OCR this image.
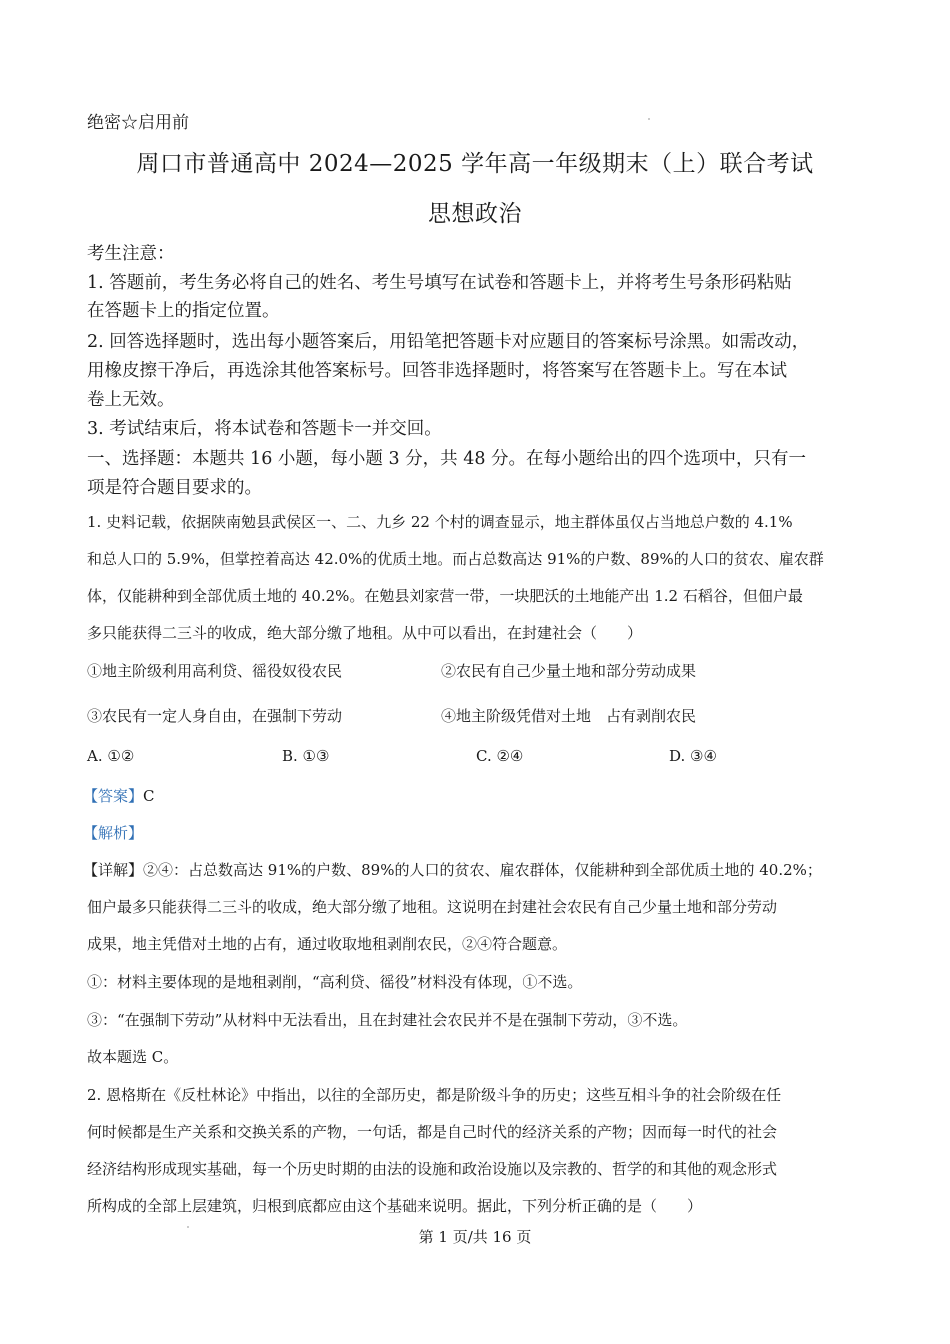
绝密☆启用前
周口市普通高中 2024—2025 学年高一年级期末（上）联合考试
思想政治
考生注意：
1. 答题前，考生务必将自己的姓名、考生号填写在试卷和答题卡上，并将考生号条形码粘贴
在答题卡上的指定位置。
2. 回答选择题时，选出每小题答案后，用铅笔把答题卡对应题目的答案标号涂黑。如需改动，
用橡皮擦干净后，再选涂其他答案标号。回答非选择题时，将答案写在答题卡上。写在本试
卷上无效。
3. 考试结束后，将本试卷和答题卡一并交回。
一、选择题：本题共 16 小题，每小题 3 分，共 48 分。在每小题给出的四个选项中，只有一
项是符合题目要求的。
1. 史料记载，依据陕南勉县武侯区一、二、九乡 22 个村的调查显示，地主群体虽仅占当地总户数的 4.1%
和总人口的 5.9%，但掌控着高达 42.0%的优质土地。而占总数高达 91%的户数、89%的人口的贫农、雇农群
体，仅能耕种到全部优质土地的 40.2%。在勉县刘家营一带，一块肥沃的土地能产出 1.2 石稻谷，但佃户最
多只能获得二三斗的收成，绝大部分缴了地租。从中可以看出，在封建社会（　　）
①地主阶级利用高利贷、徭役奴役农民	②农民有自己少量土地和部分劳动成果
③农民有一定人身自由，在强制下劳动	④地主阶级凭借对土地　占有剥削农民
A. ①②	B. ①③	C. ②④	D. ③④
【答案】C
【解析】
【详解】②④：占总数高达 91%的户数、89%的人口的贫农、雇农群体，仅能耕种到全部优质土地的 40.2%；
佃户最多只能获得二三斗的收成，绝大部分缴了地租。这说明在封建社会农民有自己少量土地和部分劳动
成果，地主凭借对土地的占有，通过收取地租剥削农民，②④符合题意。
①：材料主要体现的是地租剥削，“高利贷、徭役”材料没有体现，①不选。
③：“在强制下劳动”从材料中无法看出，且在封建社会农民并不是在强制下劳动，③不选。
故本题选 C。
2. 恩格斯在《反杜林论》中指出，以往的全部历史，都是阶级斗争的历史；这些互相斗争的社会阶级在任
何时候都是生产关系和交换关系的产物，一句话，都是自己时代的经济关系的产物；因而每一时代的社会
经济结构形成现实基础，每一个历史时期的由法的设施和政治设施以及宗教的、哲学的和其他的观念形式
所构成的全部上层建筑，归根到底都应由这个基础来说明。据此，下列分析正确的是（　　）
第 1 页/共 16 页
